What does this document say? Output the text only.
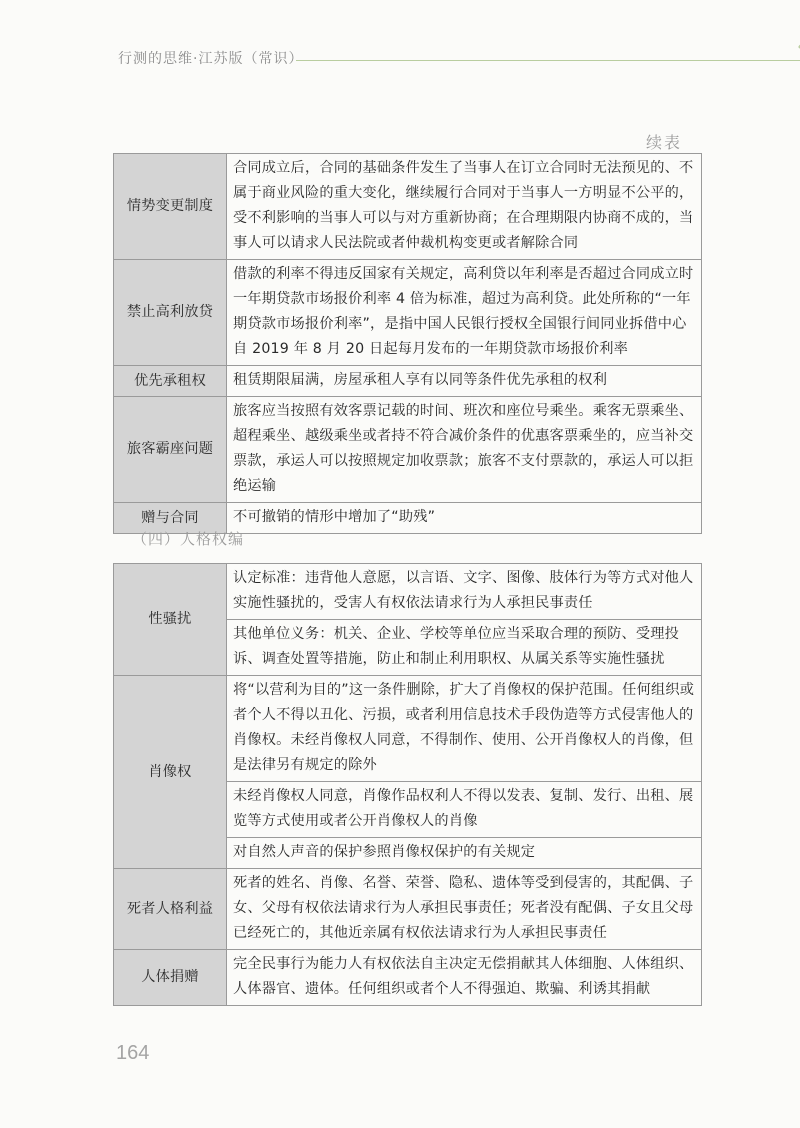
行测的思维·江苏版（常识）
续表
情势变更制度	合同成立后，合同的基础条件发生了当事人在订立合同时无法预见的、不属于商业风险的重大变化，继续履行合同对于当事人一方明显不公平的，受不利影响的当事人可以与对方重新协商；在合理期限内协商不成的，当事人可以请求人民法院或者仲裁机构变更或者解除合同
禁止高利放贷	借款的利率不得违反国家有关规定，高利贷以年利率是否超过合同成立时一年期贷款市场报价利率 4 倍为标准，超过为高利贷。此处所称的“一年期贷款市场报价利率”，是指中国人民银行授权全国银行间同业拆借中心自 2019 年 8 月 20 日起每月发布的一年期贷款市场报价利率
优先承租权	租赁期限届满，房屋承租人享有以同等条件优先承租的权利
旅客霸座问题	旅客应当按照有效客票记载的时间、班次和座位号乘坐。乘客无票乘坐、超程乘坐、越级乘坐或者持不符合减价条件的优惠客票乘坐的，应当补交票款，承运人可以按照规定加收票款；旅客不支付票款的，承运人可以拒绝运输
赠与合同	不可撤销的情形中增加了“助残”
（四）人格权编
性骚扰	认定标准：违背他人意愿，以言语、文字、图像、肢体行为等方式对他人实施性骚扰的，受害人有权依法请求行为人承担民事责任
	其他单位义务：机关、企业、学校等单位应当采取合理的预防、受理投诉、调查处置等措施，防止和制止利用职权、从属关系等实施性骚扰
肖像权	将“以营利为目的”这一条件删除，扩大了肖像权的保护范围。任何组织或者个人不得以丑化、污损，或者利用信息技术手段伪造等方式侵害他人的肖像权。未经肖像权人同意，不得制作、使用、公开肖像权人的肖像，但是法律另有规定的除外
	未经肖像权人同意，肖像作品权利人不得以发表、复制、发行、出租、展览等方式使用或者公开肖像权人的肖像
	对自然人声音的保护参照肖像权保护的有关规定
死者人格利益	死者的姓名、肖像、名誉、荣誉、隐私、遗体等受到侵害的，其配偶、子女、父母有权依法请求行为人承担民事责任；死者没有配偶、子女且父母已经死亡的，其他近亲属有权依法请求行为人承担民事责任
人体捐赠	完全民事行为能力人有权依法自主决定无偿捐献其人体细胞、人体组织、人体器官、遗体。任何组织或者个人不得强迫、欺骗、利诱其捐献
164
